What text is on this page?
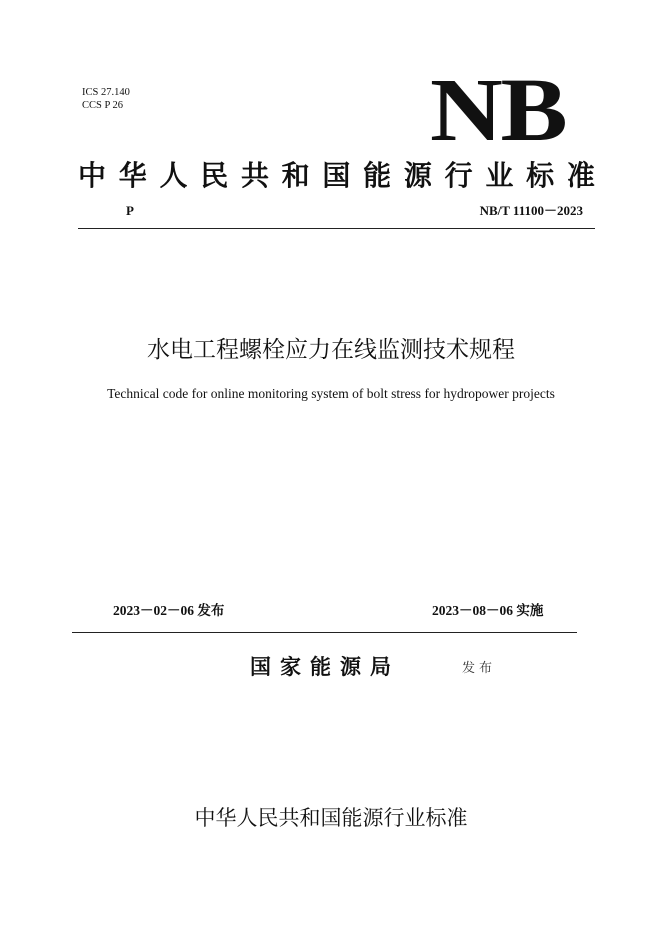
ICS 27.140
CCS P 26	NB
中 华 人 民 共 和 国 能 源 行 业 标 准
P	NB/T 11100－2023
水电工程螺栓应力在线监测技术规程
Technical code for online monitoring system of bolt stress for hydropower projects
2023－02－06 发布	2023－08－06 实施
国家能源局	发布
中华人民共和国能源行业标准
